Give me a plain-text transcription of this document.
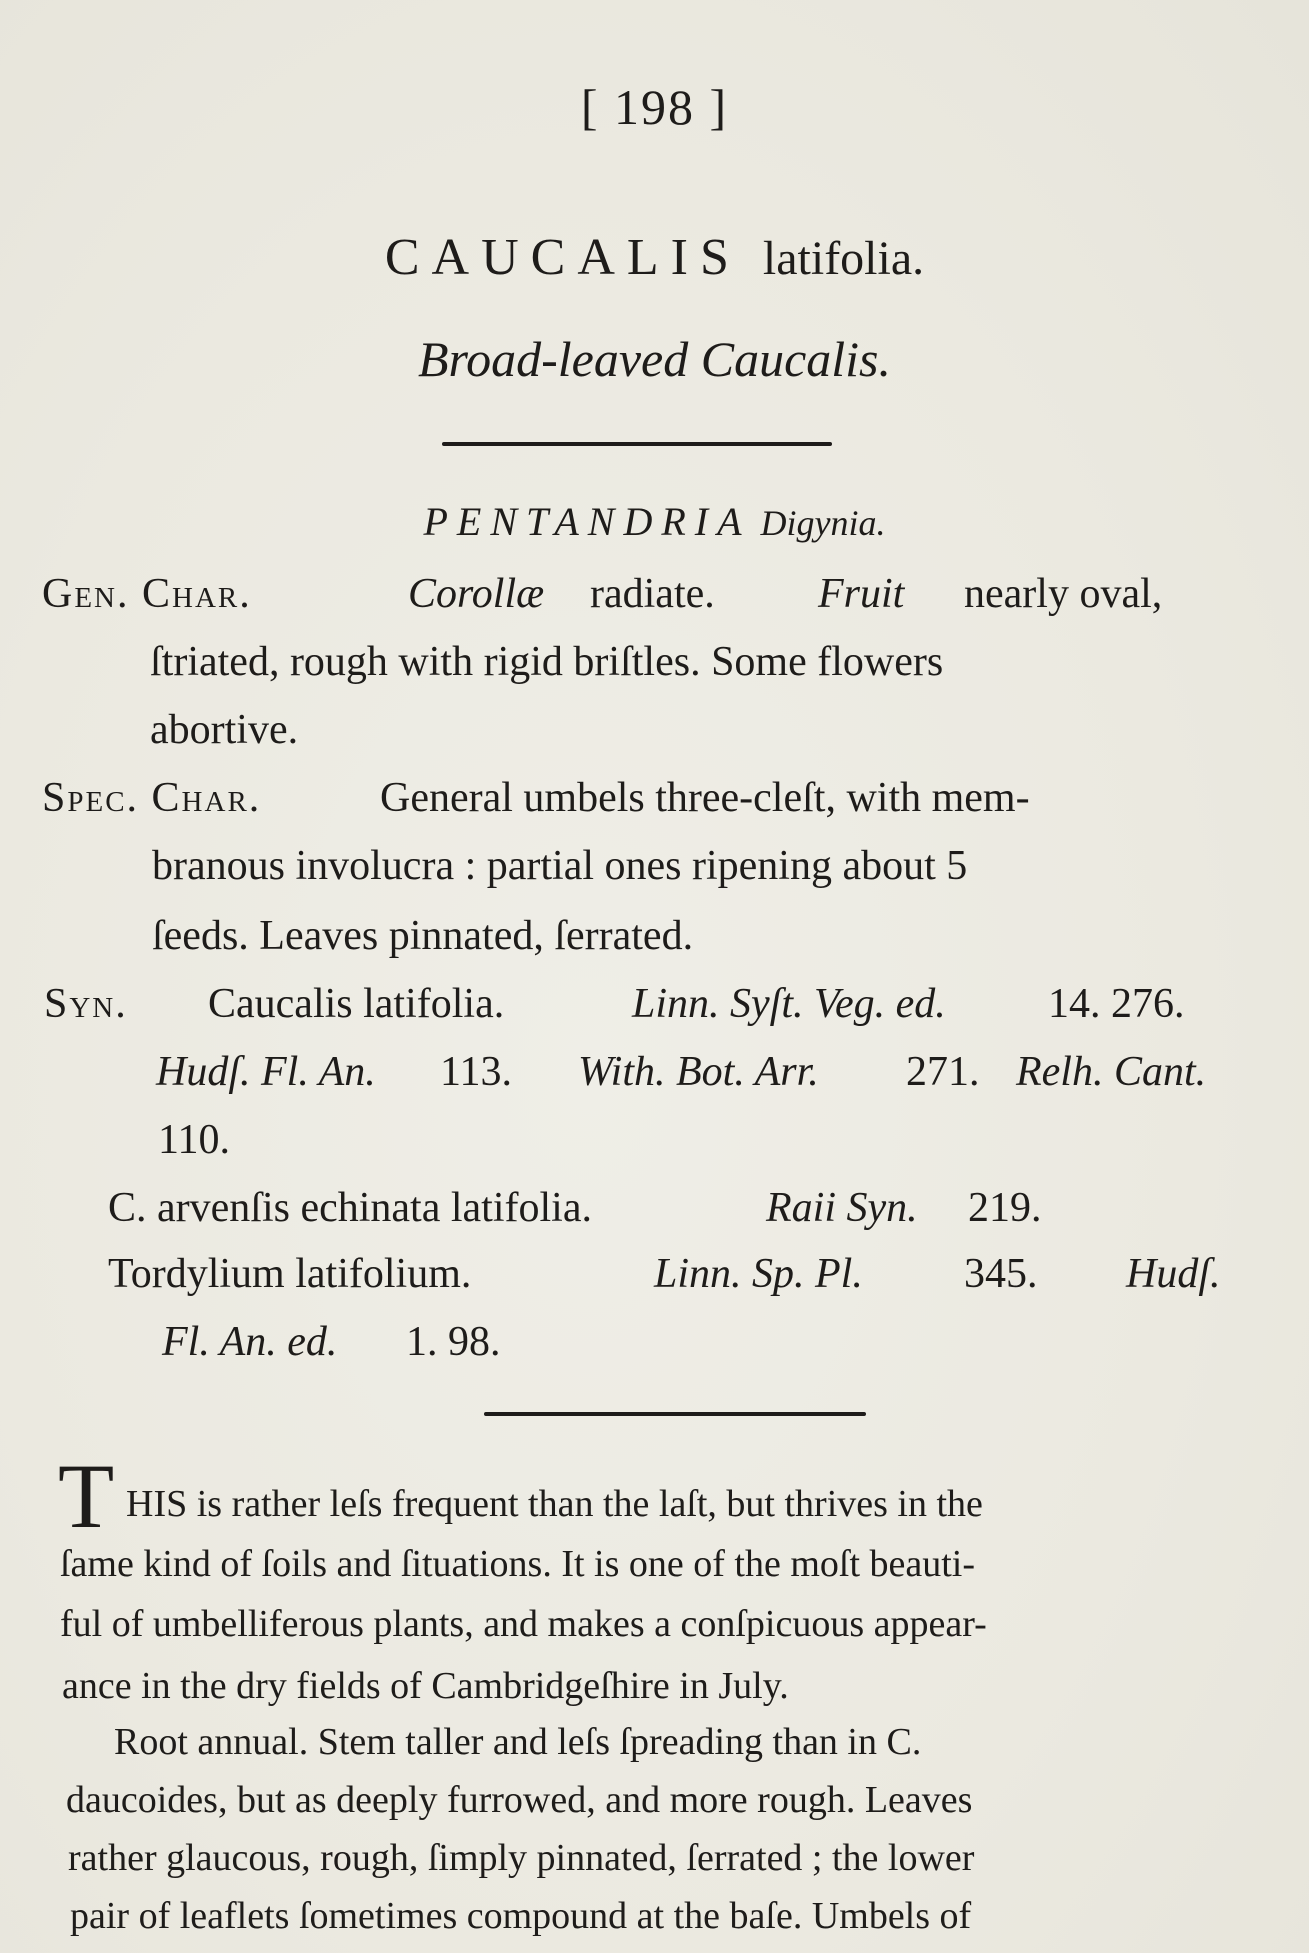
[ 198 ]
CAUCALIS latifolia.
Broad-leaved Caucalis.
PENTANDRIA Digynia.
Gen. Char.	Corollæ radiate. Fruit nearly oval,
ſtriated, rough with rigid briſtles. Some flowers
abortive.
Spec. Char.	General umbels three-cleſt, with mem-
branous involucra : partial ones ripening about 5
ſeeds. Leaves pinnated, ſerrated.
Syn. Caucalis latifolia.	Linn. Syſt. Veg. ed. 14. 276.
Hudſ. Fl. An. 113. With. Bot. Arr. 271. Relh. Cant.
110.
C. arvenſis echinata latifolia.	Raii Syn. 219.
Tordylium latifolium.	Linn. Sp. Pl. 345. Hudſ.
Fl. An. ed. 1. 98.
T HIS is rather leſs frequent than the laſt, but thrives in the
ſame kind of ſoils and ſituations. It is one of the moſt beauti-
ful of umbelliferous plants, and makes a conſpicuous appear-
ance in the dry fields of Cambridgeſhire in July.
Root annual. Stem taller and leſs ſpreading than in C.
daucoides, but as deeply furrowed, and more rough. Leaves
rather glaucous, rough, ſimply pinnated, ſerrated ; the lower
pair of leaflets ſometimes compound at the baſe. Umbels of
